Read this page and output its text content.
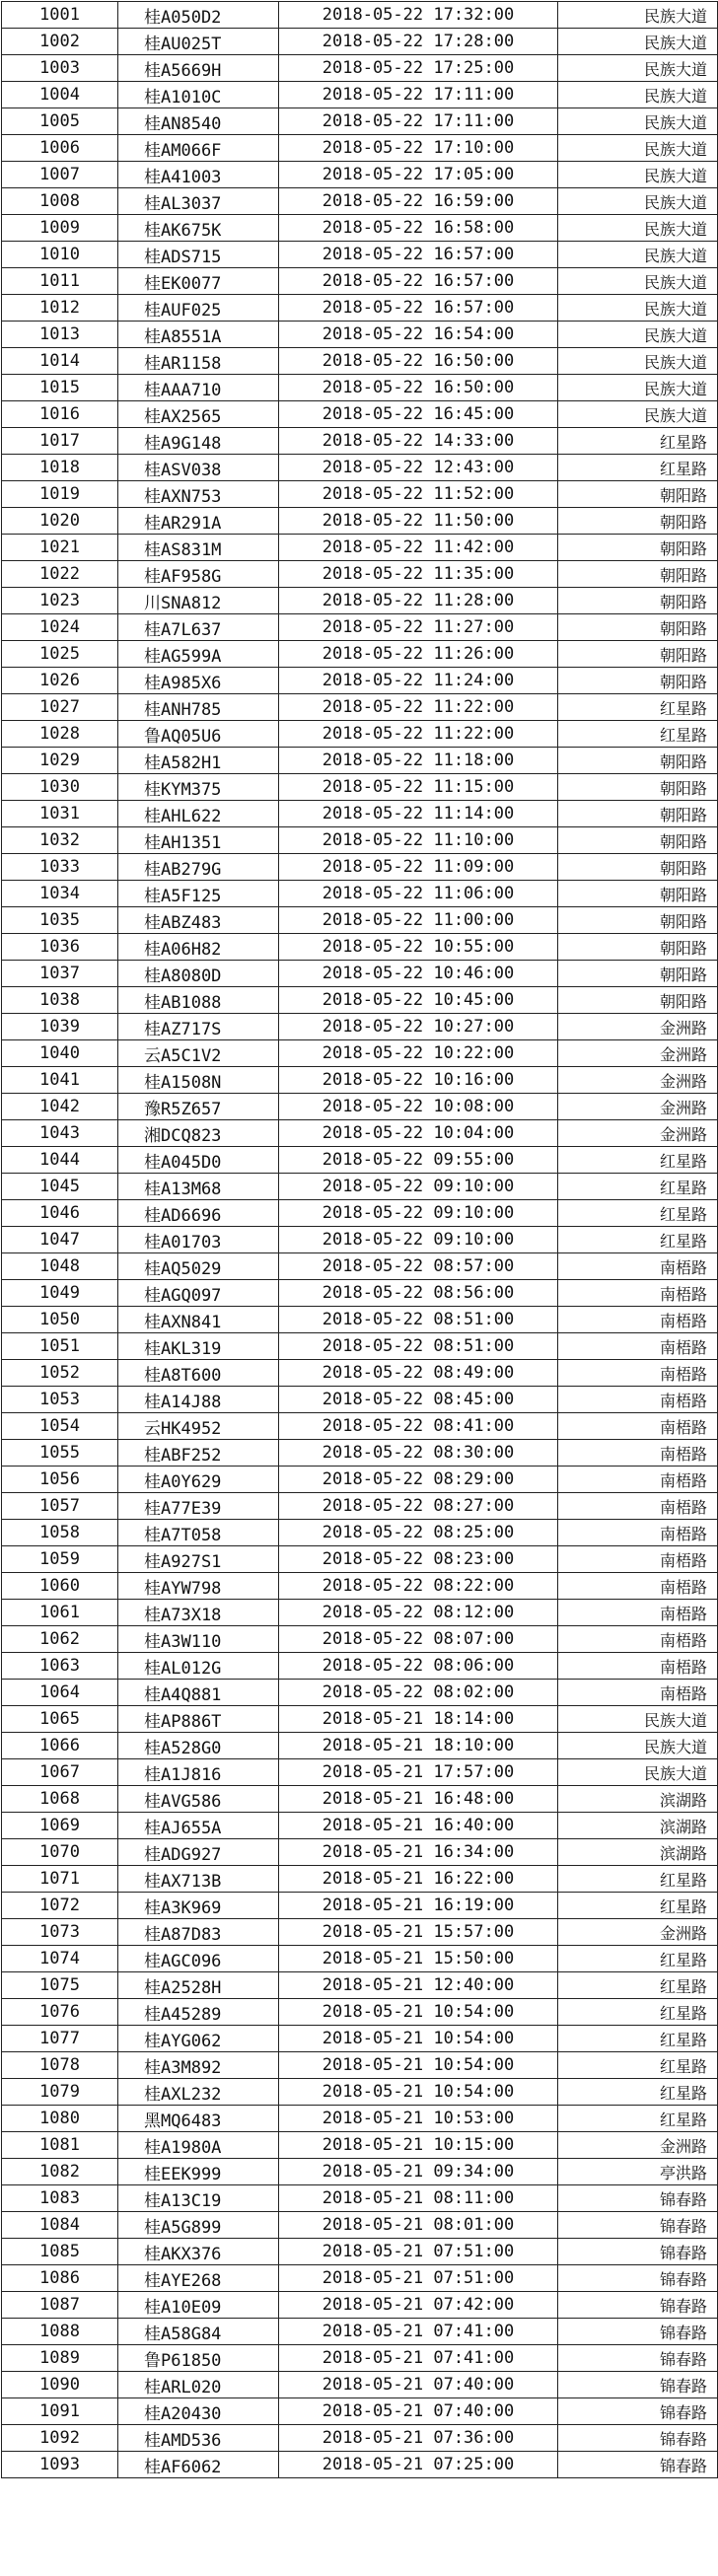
1001	桂A050D2	2018-05-22 17:32:00	民族大道
1002	桂AU025T	2018-05-22 17:28:00	民族大道
1003	桂A5669H	2018-05-22 17:25:00	民族大道
1004	桂A1010C	2018-05-22 17:11:00	民族大道
1005	桂AN8540	2018-05-22 17:11:00	民族大道
1006	桂AM066F	2018-05-22 17:10:00	民族大道
1007	桂A41003	2018-05-22 17:05:00	民族大道
1008	桂AL3037	2018-05-22 16:59:00	民族大道
1009	桂AK675K	2018-05-22 16:58:00	民族大道
1010	桂ADS715	2018-05-22 16:57:00	民族大道
1011	桂EK0077	2018-05-22 16:57:00	民族大道
1012	桂AUF025	2018-05-22 16:57:00	民族大道
1013	桂A8551A	2018-05-22 16:54:00	民族大道
1014	桂AR1158	2018-05-22 16:50:00	民族大道
1015	桂AAA710	2018-05-22 16:50:00	民族大道
1016	桂AX2565	2018-05-22 16:45:00	民族大道
1017	桂A9G148	2018-05-22 14:33:00	红星路
1018	桂ASV038	2018-05-22 12:43:00	红星路
1019	桂AXN753	2018-05-22 11:52:00	朝阳路
1020	桂AR291A	2018-05-22 11:50:00	朝阳路
1021	桂AS831M	2018-05-22 11:42:00	朝阳路
1022	桂AF958G	2018-05-22 11:35:00	朝阳路
1023	川SNA812	2018-05-22 11:28:00	朝阳路
1024	桂A7L637	2018-05-22 11:27:00	朝阳路
1025	桂AG599A	2018-05-22 11:26:00	朝阳路
1026	桂A985X6	2018-05-22 11:24:00	朝阳路
1027	桂ANH785	2018-05-22 11:22:00	红星路
1028	鲁AQ05U6	2018-05-22 11:22:00	红星路
1029	桂A582H1	2018-05-22 11:18:00	朝阳路
1030	桂KYM375	2018-05-22 11:15:00	朝阳路
1031	桂AHL622	2018-05-22 11:14:00	朝阳路
1032	桂AH1351	2018-05-22 11:10:00	朝阳路
1033	桂AB279G	2018-05-22 11:09:00	朝阳路
1034	桂A5F125	2018-05-22 11:06:00	朝阳路
1035	桂ABZ483	2018-05-22 11:00:00	朝阳路
1036	桂A06H82	2018-05-22 10:55:00	朝阳路
1037	桂A8080D	2018-05-22 10:46:00	朝阳路
1038	桂AB1088	2018-05-22 10:45:00	朝阳路
1039	桂AZ717S	2018-05-22 10:27:00	金洲路
1040	云A5C1V2	2018-05-22 10:22:00	金洲路
1041	桂A1508N	2018-05-22 10:16:00	金洲路
1042	豫R5Z657	2018-05-22 10:08:00	金洲路
1043	湘DCQ823	2018-05-22 10:04:00	金洲路
1044	桂A045D0	2018-05-22 09:55:00	红星路
1045	桂A13M68	2018-05-22 09:10:00	红星路
1046	桂AD6696	2018-05-22 09:10:00	红星路
1047	桂A01703	2018-05-22 09:10:00	红星路
1048	桂AQ5029	2018-05-22 08:57:00	南梧路
1049	桂AGQ097	2018-05-22 08:56:00	南梧路
1050	桂AXN841	2018-05-22 08:51:00	南梧路
1051	桂AKL319	2018-05-22 08:51:00	南梧路
1052	桂A8T600	2018-05-22 08:49:00	南梧路
1053	桂A14J88	2018-05-22 08:45:00	南梧路
1054	云HK4952	2018-05-22 08:41:00	南梧路
1055	桂ABF252	2018-05-22 08:30:00	南梧路
1056	桂A0Y629	2018-05-22 08:29:00	南梧路
1057	桂A77E39	2018-05-22 08:27:00	南梧路
1058	桂A7T058	2018-05-22 08:25:00	南梧路
1059	桂A927S1	2018-05-22 08:23:00	南梧路
1060	桂AYW798	2018-05-22 08:22:00	南梧路
1061	桂A73X18	2018-05-22 08:12:00	南梧路
1062	桂A3W110	2018-05-22 08:07:00	南梧路
1063	桂AL012G	2018-05-22 08:06:00	南梧路
1064	桂A4Q881	2018-05-22 08:02:00	南梧路
1065	桂AP886T	2018-05-21 18:14:00	民族大道
1066	桂A528G0	2018-05-21 18:10:00	民族大道
1067	桂A1J816	2018-05-21 17:57:00	民族大道
1068	桂AVG586	2018-05-21 16:48:00	滨湖路
1069	桂AJ655A	2018-05-21 16:40:00	滨湖路
1070	桂ADG927	2018-05-21 16:34:00	滨湖路
1071	桂AX713B	2018-05-21 16:22:00	红星路
1072	桂A3K969	2018-05-21 16:19:00	红星路
1073	桂A87D83	2018-05-21 15:57:00	金洲路
1074	桂AGC096	2018-05-21 15:50:00	红星路
1075	桂A2528H	2018-05-21 12:40:00	红星路
1076	桂A45289	2018-05-21 10:54:00	红星路
1077	桂AYG062	2018-05-21 10:54:00	红星路
1078	桂A3M892	2018-05-21 10:54:00	红星路
1079	桂AXL232	2018-05-21 10:54:00	红星路
1080	黑MQ6483	2018-05-21 10:53:00	红星路
1081	桂A1980A	2018-05-21 10:15:00	金洲路
1082	桂EEK999	2018-05-21 09:34:00	亭洪路
1083	桂A13C19	2018-05-21 08:11:00	锦春路
1084	桂A5G899	2018-05-21 08:01:00	锦春路
1085	桂AKX376	2018-05-21 07:51:00	锦春路
1086	桂AYE268	2018-05-21 07:51:00	锦春路
1087	桂A10E09	2018-05-21 07:42:00	锦春路
1088	桂A58G84	2018-05-21 07:41:00	锦春路
1089	鲁P61850	2018-05-21 07:41:00	锦春路
1090	桂ARL020	2018-05-21 07:40:00	锦春路
1091	桂A20430	2018-05-21 07:40:00	锦春路
1092	桂AMD536	2018-05-21 07:36:00	锦春路
1093	桂AF6062	2018-05-21 07:25:00	锦春路
